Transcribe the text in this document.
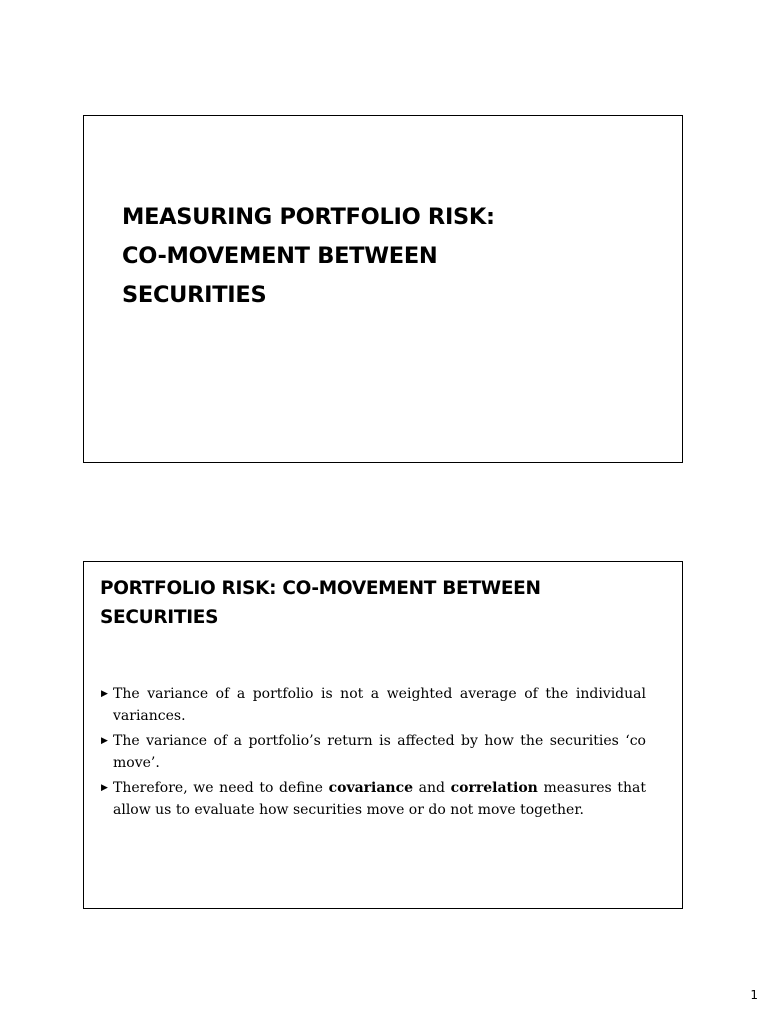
MEASURING PORTFOLIO RISK:
CO-MOVEMENT BETWEEN
SECURITIES
PORTFOLIO RISK: CO-MOVEMENT BETWEEN
SECURITIES
▶ The variance of a portfolio is not a weighted average of the individual variances.
▶ The variance of a portfolio’s return is affected by how the securities ‘co move’.
▶ Therefore, we need to define covariance and correlation measures that allow us to evaluate how securities move or do not move together.
1
